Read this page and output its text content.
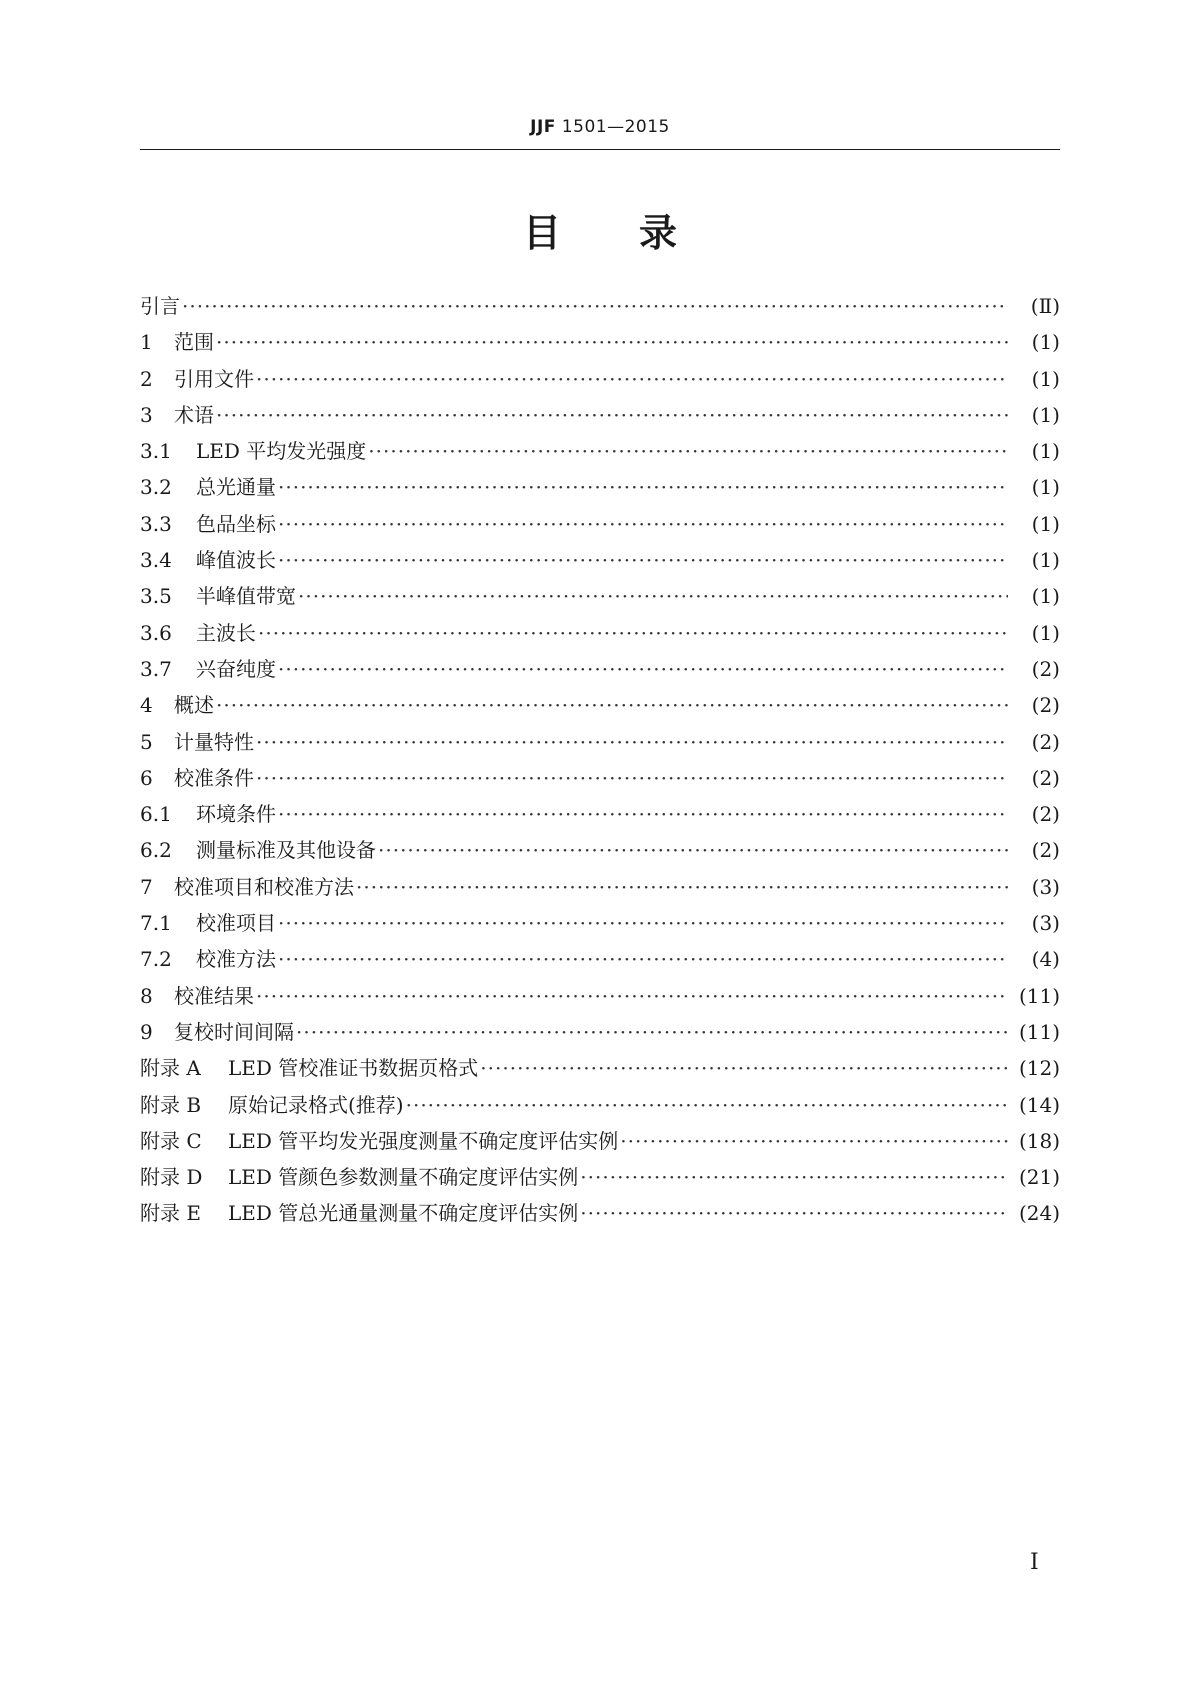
JJF 1501—2015
目 录
引言 ·····	(Ⅱ)
1	范围 ·····	(1)
2	引用文件 ·····	(1)
3	术语 ·····	(1)
3.1	LED 平均发光强度 ·····	(1)
3.2	总光通量 ·····	(1)
3.3	色品坐标 ·····	(1)
3.4	峰值波长 ·····	(1)
3.5	半峰值带宽 ·····	(1)
3.6	主波长 ·····	(1)
3.7	兴奋纯度 ·····	(2)
4	概述 ·····	(2)
5	计量特性 ·····	(2)
6	校准条件 ·····	(2)
6.1	环境条件 ·····	(2)
6.2	测量标准及其他设备 ·····	(2)
7	校准项目和校准方法 ·····	(3)
7.1	校准项目 ·····	(3)
7.2	校准方法 ·····	(4)
8	校准结果 ·····	(11)
9	复校时间间隔 ·····	(11)
附录 A	LED 管校准证书数据页格式 ·····	(12)
附录 B	原始记录格式(推荐) ·····	(14)
附录 C	LED 管平均发光强度测量不确定度评估实例 ·····	(18)
附录 D	LED 管颜色参数测量不确定度评估实例 ·····	(21)
附录 E	LED 管总光通量测量不确定度评估实例 ·····	(24)
Ⅰ
